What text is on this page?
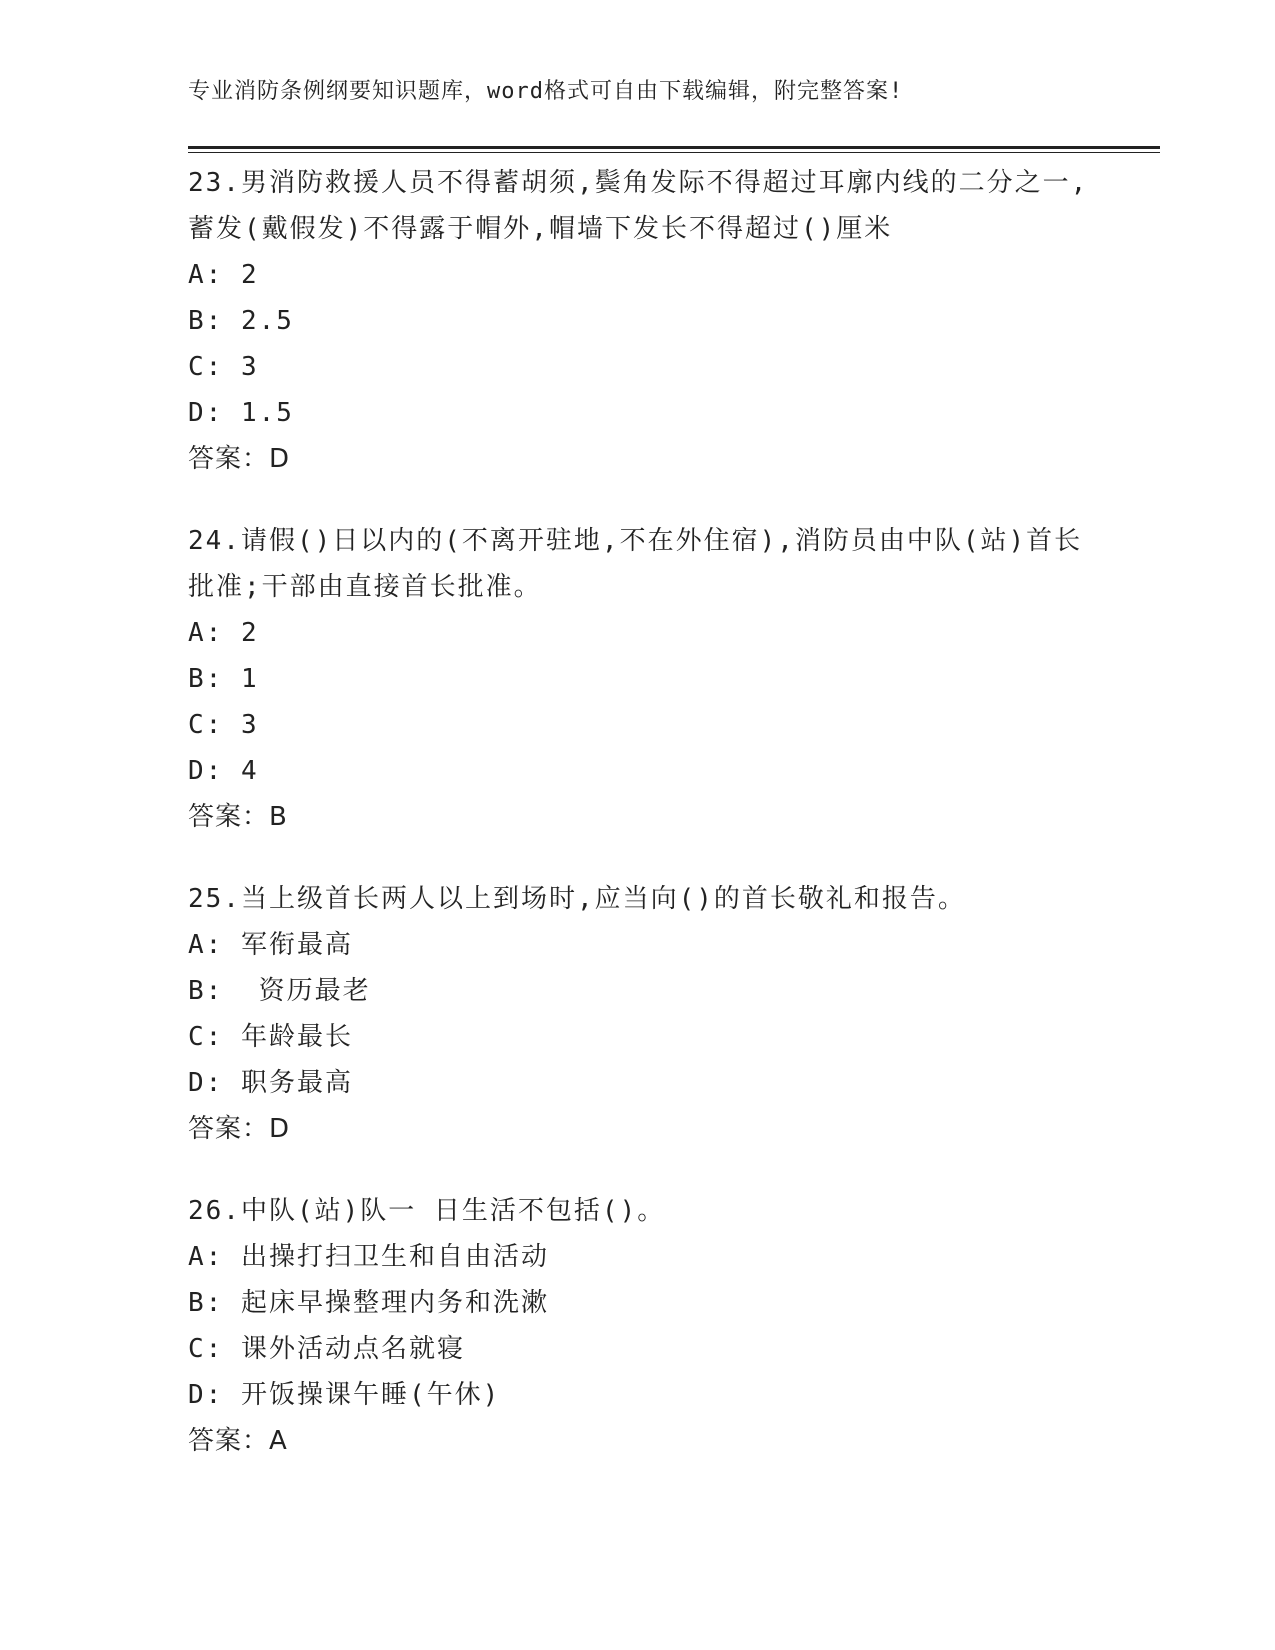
专业消防条例纲要知识题库，word格式可自由下载编辑，附完整答案!
23.男消防救援人员不得蓄胡须,鬓角发际不得超过耳廓内线的二分之一,蓄发(戴假发)不得露于帽外,帽墙下发长不得超过()厘米
A: 2
B: 2.5
C: 3
D: 1.5
答案：D
24.请假()日以内的(不离开驻地,不在外住宿),消防员由中队(站)首长批准;干部由直接首长批准。
A: 2
B: 1
C: 3
D: 4
答案：B
25.当上级首长两人以上到场时,应当向()的首长敬礼和报告。
A: 军衔最高
B:  资历最老
C: 年龄最长
D: 职务最高
答案：D
26.中队(站)队一 日生活不包括()。
A: 出操打扫卫生和自由活动
B: 起床早操整理内务和洗漱
C: 课外活动点名就寝
D: 开饭操课午睡(午休)
答案：A
